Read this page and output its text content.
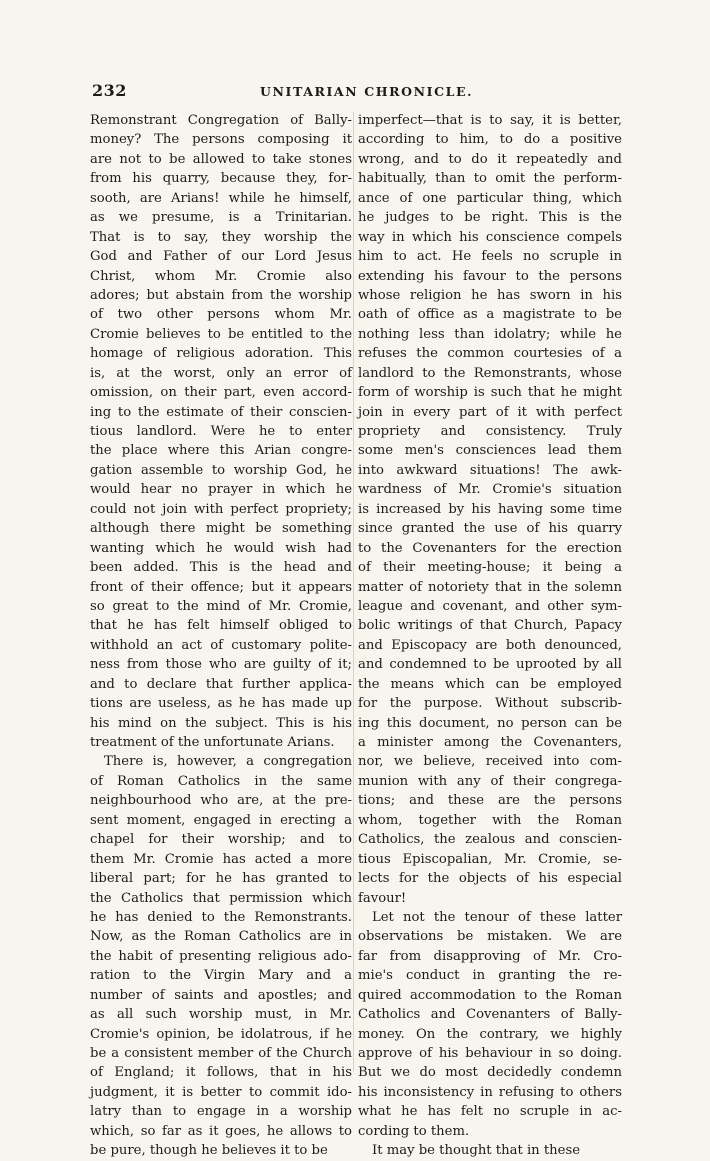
232	UNITARIAN CHRONICLE.
Remonstrant Congregation of Bally-
money? The persons composing it
are not to be allowed to take stones
from his quarry, because they, for-
sooth, are Arians! while he himself,
as we presume, is a Trinitarian.
That is to say, they worship the
God and Father of our Lord Jesus
Christ, whom Mr. Cromie also
adores; but abstain from the worship
of two other persons whom Mr.
Cromie believes to be entitled to the
homage of religious adoration. This
is, at the worst, only an error of
omission, on their part, even accord-
ing to the estimate of their conscien-
tious landlord. Were he to enter
the place where this Arian congre-
gation assemble to worship God, he
would hear no prayer in which he
could not join with perfect propriety;
although there might be something
wanting which he would wish had
been added. This is the head and
front of their offence; but it appears
so great to the mind of Mr. Cromie,
that he has felt himself obliged to
withhold an act of customary polite-
ness from those who are guilty of it;
and to declare that further applica-
tions are useless, as he has made up
his mind on the subject. This is his
treatment of the unfortunate Arians.
There is, however, a congregation
of Roman Catholics in the same
neighbourhood who are, at the pre-
sent moment, engaged in erecting a
chapel for their worship; and to
them Mr. Cromie has acted a more
liberal part; for he has granted to
the Catholics that permission which
he has denied to the Remonstrants.
Now, as the Roman Catholics are in
the habit of presenting religious ado-
ration to the Virgin Mary and a
number of saints and apostles; and
as all such worship must, in Mr.
Cromie's opinion, be idolatrous, if he
be a consistent member of the Church
of England; it follows, that in his
judgment, it is better to commit ido-
latry than to engage in a worship
which, so far as it goes, he allows to
be pure, though he believes it to be
imperfect—that is to say, it is better,
according to him, to do a positive
wrong, and to do it repeatedly and
habitually, than to omit the perform-
ance of one particular thing, which
he judges to be right. This is the
way in which his conscience compels
him to act. He feels no scruple in
extending his favour to the persons
whose religion he has sworn in his
oath of office as a magistrate to be
nothing less than idolatry; while he
refuses the common courtesies of a
landlord to the Remonstrants, whose
form of worship is such that he might
join in every part of it with perfect
propriety and consistency. Truly
some men's consciences lead them
into awkward situations! The awk-
wardness of Mr. Cromie's situation
is increased by his having some time
since granted the use of his quarry
to the Covenanters for the erection
of their meeting-house; it being a
matter of notoriety that in the solemn
league and covenant, and other sym-
bolic writings of that Church, Papacy
and Episcopacy are both denounced,
and condemned to be uprooted by all
the means which can be employed
for the purpose. Without subscrib-
ing this document, no person can be
a minister among the Covenanters,
nor, we believe, received into com-
munion with any of their congrega-
tions; and these are the persons
whom, together with the Roman
Catholics, the zealous and conscien-
tious Episcopalian, Mr. Cromie, se-
lects for the objects of his especial
favour!
Let not the tenour of these latter
observations be mistaken. We are
far from disapproving of Mr. Cro-
mie's conduct in granting the re-
quired accommodation to the Roman
Catholics and Covenanters of Bally-
money. On the contrary, we highly
approve of his behaviour in so doing.
But we do most decidedly condemn
his inconsistency in refusing to others
what he has felt no scruple in ac-
cording to them.
It may be thought that in these
